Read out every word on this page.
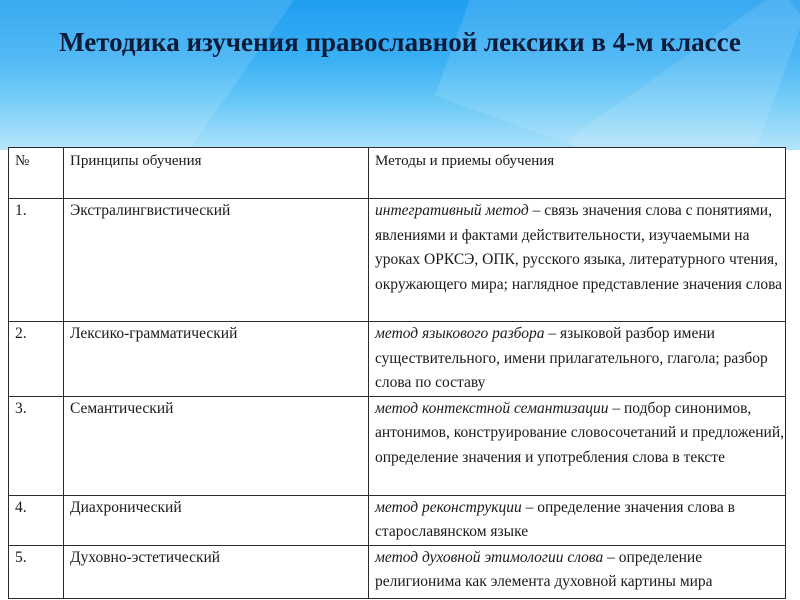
Методика изучения православной лексики в 4-м классе
№	Принципы обучения	Методы и приемы обучения
1.	Экстралингвистический	интегративный метод – связь значения слова с понятиями, явлениями и фактами действительности, изучаемыми на уроках ОРКСЭ, ОПК, русского языка, литературного чтения, окружающего мира; наглядное представление значения слова
2.	Лексико-грамматический	метод языкового разбора – языковой разбор имени существительного, имени прилагательного, глагола; разбор слова по составу
3.	Семантический	метод контекстной семантизации – подбор синонимов, антонимов, конструирование словосочетаний и предложений, определение значения и употребления слова в тексте
4.	Диахронический	метод реконструкции – определение значения слова в старославянском языке
5.	Духовно-эстетический	метод духовной этимологии слова – определение религионима как элемента духовной картины мира
